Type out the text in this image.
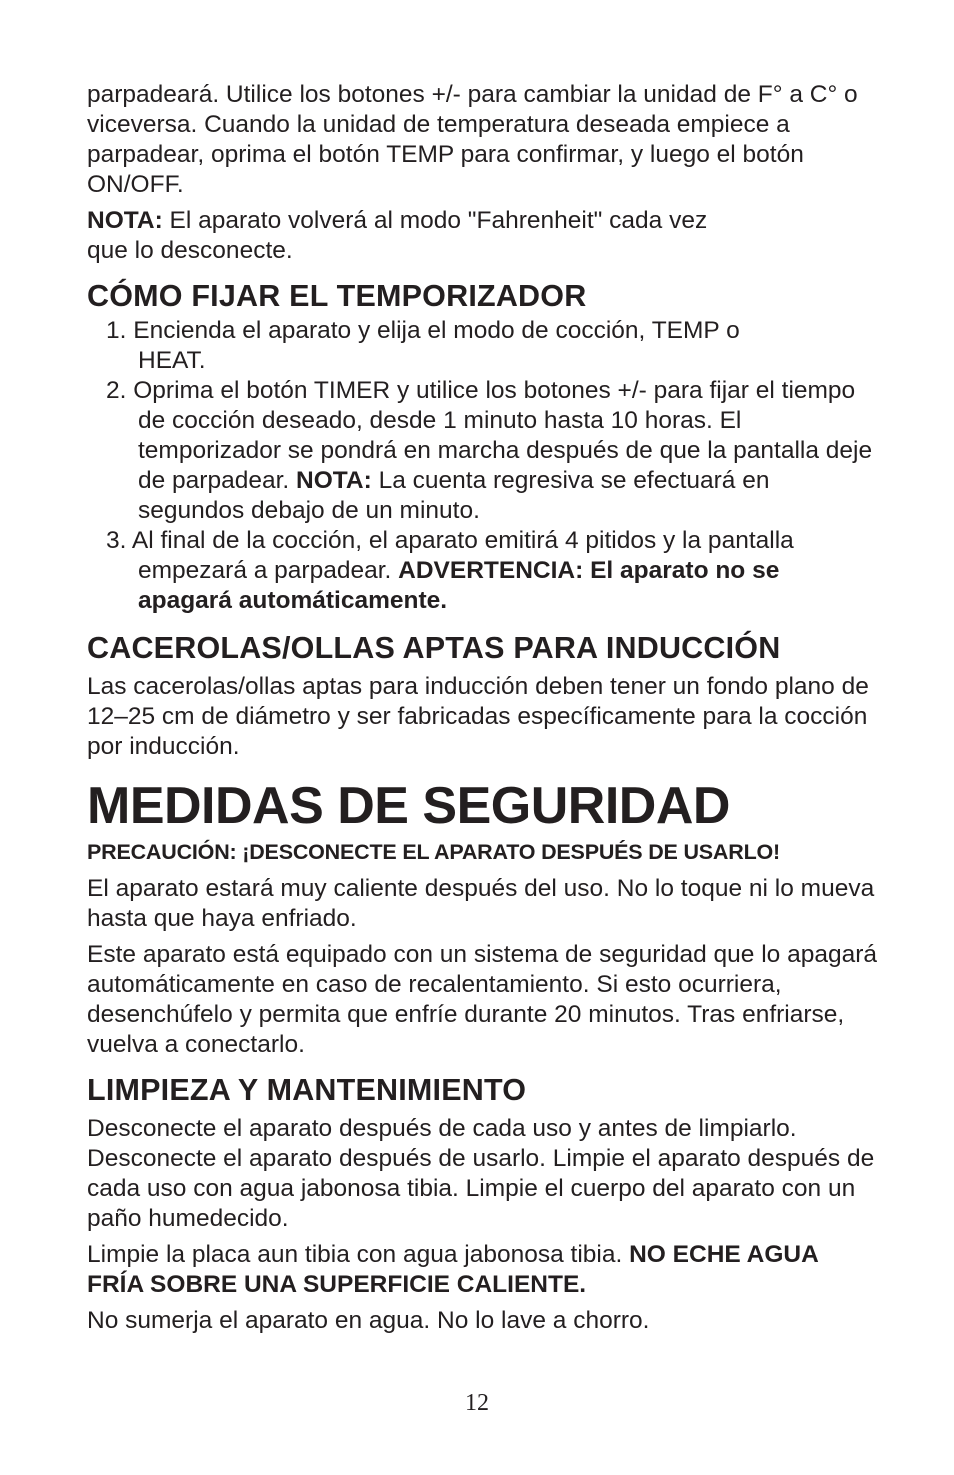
parpadeará. Utilice los botones +/- para cambiar la unidad de F° a C° o viceversa. Cuando la unidad de temperatura deseada empiece a parpadear, oprima el botón TEMP para confirmar, y luego el botón ON/OFF.

NOTA: El aparato volverá al modo "Fahrenheit" cada vez que lo desconecte.

CÓMO FIJAR EL TEMPORIZADOR
1. Encienda el aparato y elija el modo de cocción, TEMP o HEAT.
2. Oprima el botón TIMER y utilice los botones +/- para fijar el tiempo de cocción deseado, desde 1 minuto hasta 10 horas. El temporizador se pondrá en marcha después de que la pantalla deje de parpadear. NOTA: La cuenta regresiva se efectuará en segundos debajo de un minuto.
3. Al final de la cocción, el aparato emitirá 4 pitidos y la pantalla empezará a parpadear. ADVERTENCIA: El aparato no se apagará automáticamente.
CACEROLAS/OLLAS APTAS PARA INDUCCIÓN

Las cacerolas/ollas aptas para inducción deben tener un fondo plano de 12–25 cm de diámetro y ser fabricadas específicamente para la cocción por inducción.

MEDIDAS DE SEGURIDAD

PRECAUCIÓN: ¡DESCONECTE EL APARATO DESPUÉS DE USARLO!

El aparato estará muy caliente después del uso. No lo toque ni lo mueva hasta que haya enfriado.

Este aparato está equipado con un sistema de seguridad que lo apagará automáticamente en caso de recalentamiento. Si esto ocurriera, desenchúfelo y permita que enfríe durante 20 minutos. Tras enfriarse, vuelva a conectarlo.

LIMPIEZA Y MANTENIMIENTO

Desconecte el aparato después de cada uso y antes de limpiarlo. Desconecte el aparato después de usarlo. Limpie el aparato después de cada uso con agua jabonosa tibia. Limpie el cuerpo del aparato con un paño humedecido.

Limpie la placa aun tibia con agua jabonosa tibia. NO ECHE AGUA FRÍA SOBRE UNA SUPERFICIE CALIENTE.

No sumerja el aparato en agua. No lo lave a chorro.

12
